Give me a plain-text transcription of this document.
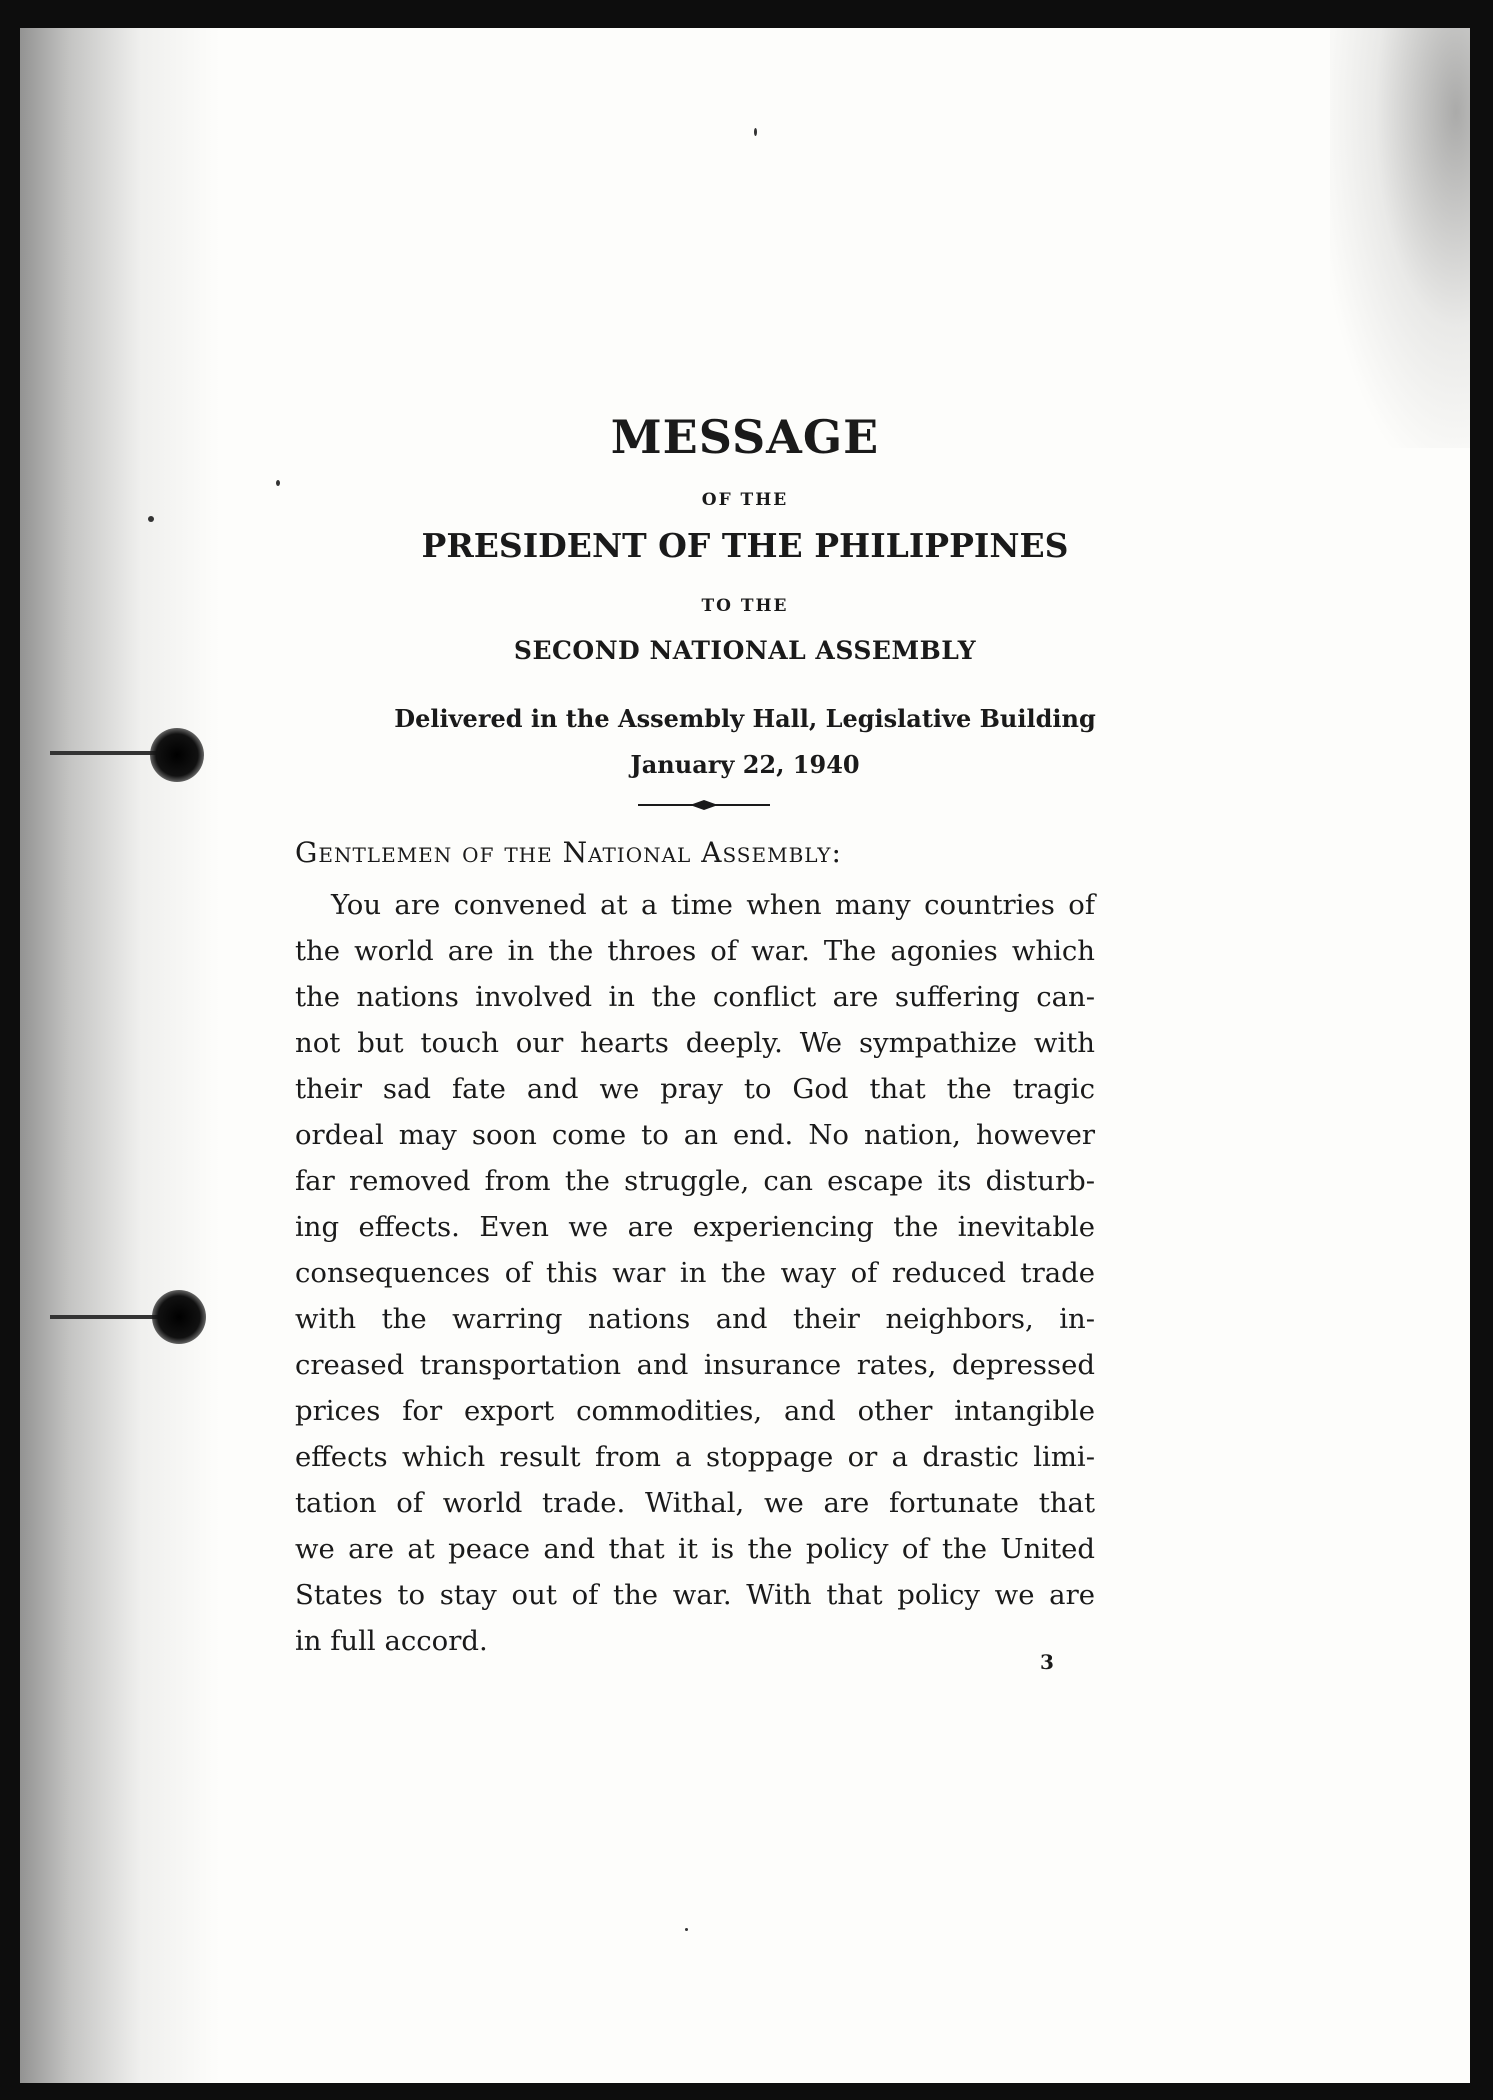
MESSAGE
OF THE
PRESIDENT OF THE PHILIPPINES
TO THE
SECOND NATIONAL ASSEMBLY
Delivered in the Assembly Hall, Legislative Building
January 22, 1940
Gentlemen of the National Assembly:
You are convened at a time when many countries of
the world are in the throes of war. The agonies which
the nations involved in the conflict are suffering can-
not but touch our hearts deeply. We sympathize with
their sad fate and we pray to God that the tragic
ordeal may soon come to an end. No nation, however
far removed from the struggle, can escape its disturb-
ing effects. Even we are experiencing the inevitable
consequences of this war in the way of reduced trade
with the warring nations and their neighbors, in-
creased transportation and insurance rates, depressed
prices for export commodities, and other intangible
effects which result from a stoppage or a drastic limi-
tation of world trade. Withal, we are fortunate that
we are at peace and that it is the policy of the United
States to stay out of the war. With that policy we are
in full accord.
3
